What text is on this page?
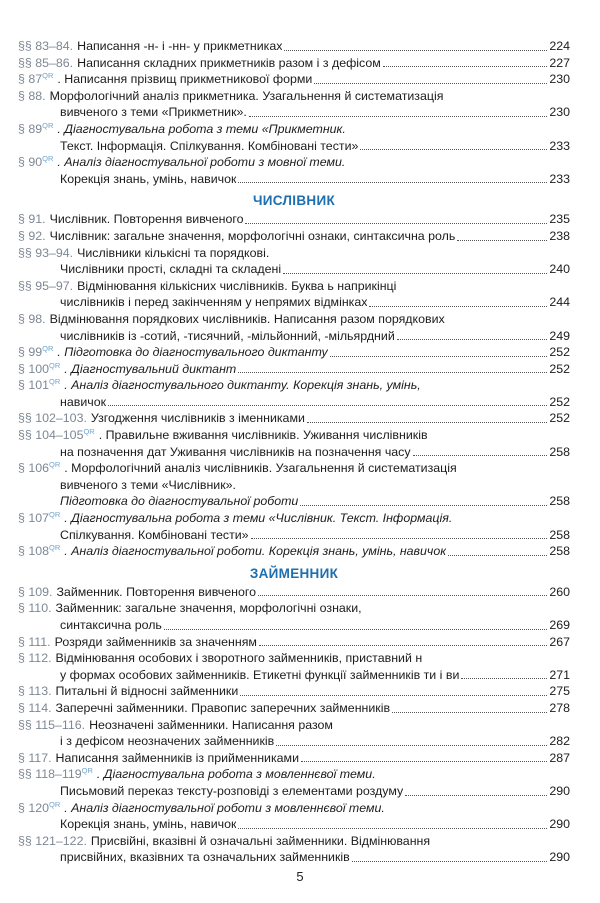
§§ 83–84. Написання -н- і -нн- у прикметниках	224
§§ 85–86. Написання складних прикметників разом і з дефісом	227
§ $87^{QR}$ . Написання прізвищ прикметникової форми	230
§ 88. Морфологічний аналіз прикметника. Узагальнення й систематизація
вивченого з теми «Прикметник».	230
§ $89^{QR}$ . Діагностувальна робота з теми «Прикметник.
Текст. Інформація. Спілкування. Комбіновані тести»	233
§ $90^{QR}$ . Аналіз діагностувальної роботи з мовної теми.
Корекція знань, умінь, навичок	233
ЧИСЛІВНИК
§ 91. Числівник. Повторення вивченого	235
§ 92. Числівник: загальне значення, морфологічні ознаки, синтаксична роль	238
§§ 93–94. Числівники кількісні та порядкові.
Числівники прості, складні та складені	240
§§ 95–97. Відмінювання кількісних числівників. Буква ь наприкінці
числівників і перед закінченням у непрямих відмінках	244
§ 98. Відмінювання порядкових числівників. Написання разом порядкових
числівників із -сотий, -тисячний, -мільйонний, -мільярдний	249
§ $99^{QR}$ . Підготовка до діагностувального диктанту	252
§ $100^{QR}$ . Діагностувальний диктант	252
§ $101^{QR}$ . Аналіз діагностувального диктанту. Корекція знань, умінь,
навичок	252
§§ 102–103. Узгодження числівників з іменниками	252
§§ $104-105^{QR}$ . Правильне вживання числівників. Уживання числівників
на позначення дат Уживання числівників на позначення часу	258
§ $106^{QR}$ . Морфологічний аналіз числівників. Узагальнення й систематизація
вивченого з теми «Числівник».
Підготовка до діагностувальної роботи	258
§ $107^{QR}$ . Діагностувальна робота з теми «Числівник. Текст. Інформація.
Спілкування. Комбіновані тести»	258
§ $108^{QR}$ . Аналіз діагностувальної роботи. Корекція знань, умінь, навичок	258
ЗАЙМЕННИК
§ 109. Займенник. Повторення вивченого	260
§ 110. Займенник: загальне значення, морфологічні ознаки,
синтаксична роль	269
§ 111. Розряди займенників за значенням	267
§ 112. Відмінювання особових і зворотного займенників, приставний н
у формах особових займенників. Етикетні функції займенників ти і ви	271
§ 113. Питальні й відносні займенники	275
§ 114. Заперечні займенники. Правопис заперечних займенників	278
§§ 115–116. Неозначені займенники. Написання разом
і з дефісом неозначених займенників	282
§ 117. Написання займенників із прийменниками	287
§§ $118-119^{QR}$ . Діагностувальна робота з мовленнєвої теми.
Письмовий переказ тексту-розповіді з елементами роздуму	290
§ $120^{QR}$ . Аналіз діагностувальної роботи з мовленнєвої теми.
Корекція знань, умінь, навичок	290
§§ 121–122. Присвійні, вказівні й означальні займенники. Відмінювання
присвійних, вказівних та означальних займенників	290
5
